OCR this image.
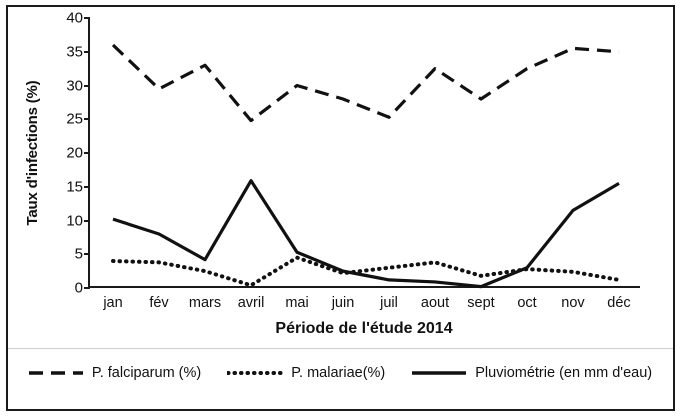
Taux d'infections (%)
0
5
10
15
20
25
30
35
40
jan fév mars avril mai juin juil aout sept oct nov déc
Période de l'étude 2014
P. falciparum (%)	P. malariae(%)	Pluviométrie (en mm d'eau)
